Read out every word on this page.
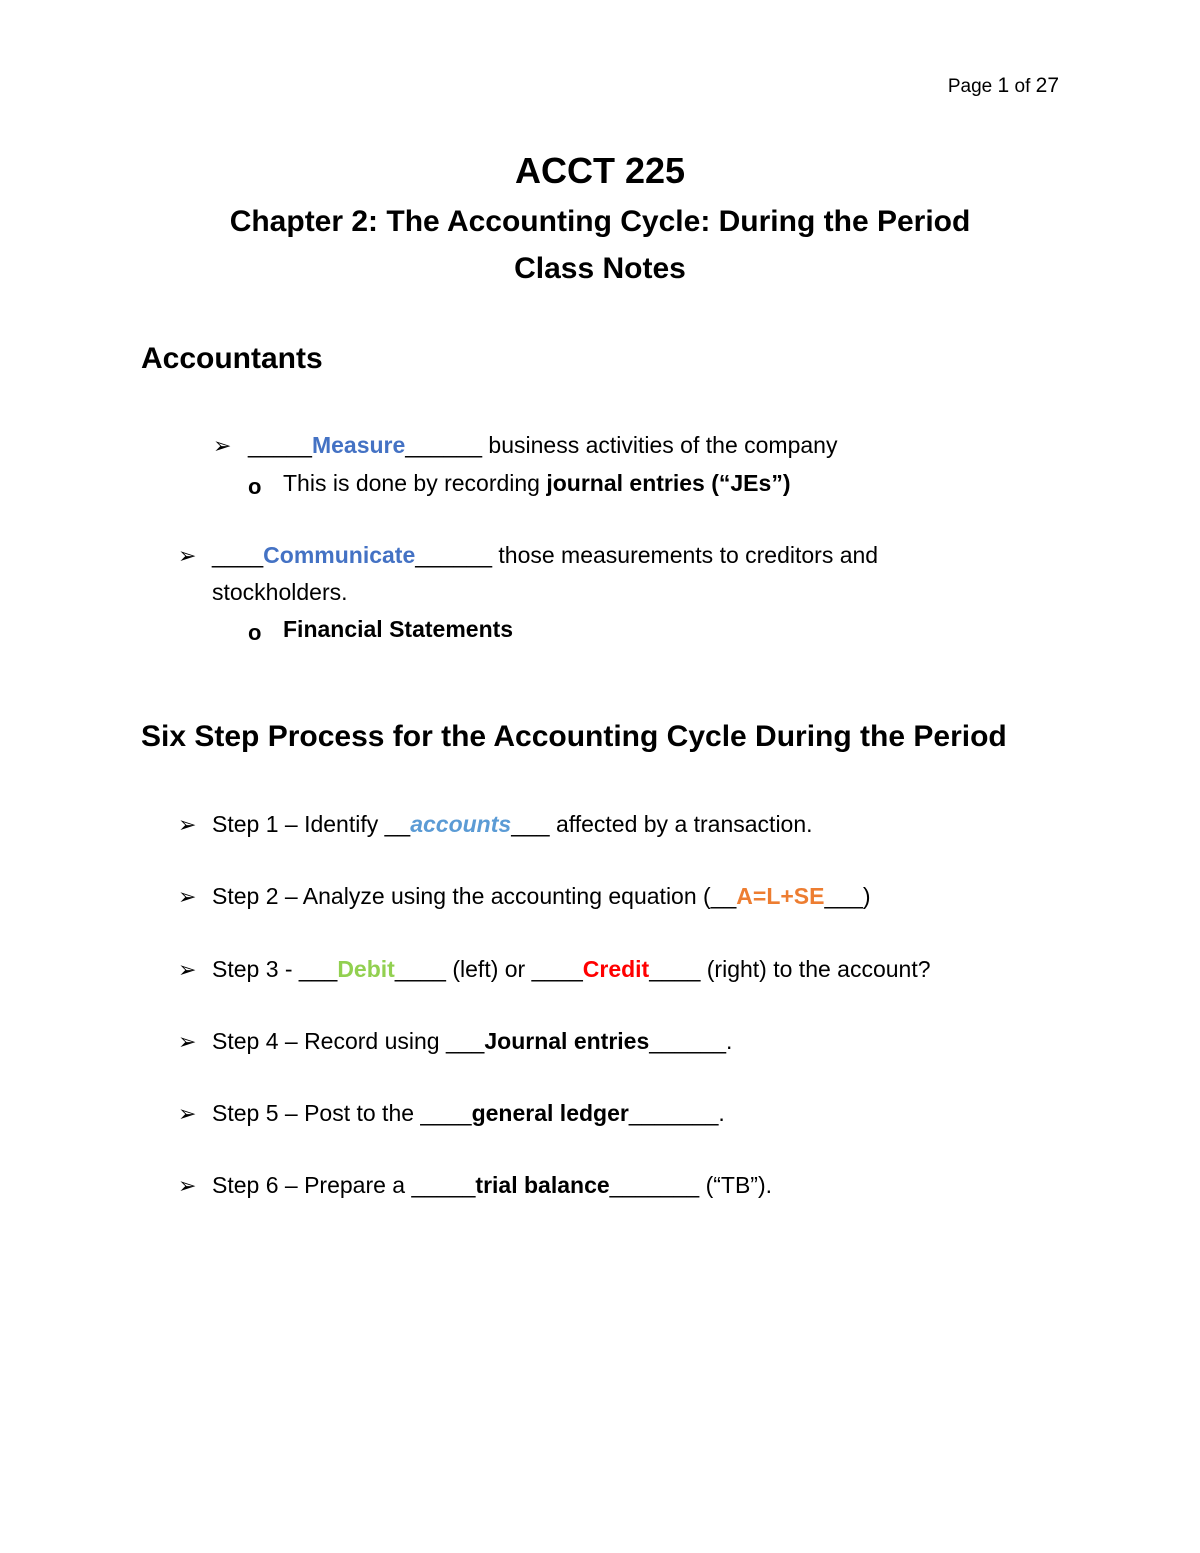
Page 1 of 27
ACCT 225
Chapter 2: The Accounting Cycle: During the Period
Class Notes
Accountants
➢ _____Measure______ business activities of the company
o This is done by recording journal entries (“JEs”)
➢ ____Communicate______ those measurements to creditors and
stockholders.
o Financial Statements
Six Step Process for the Accounting Cycle During the Period
➢ Step 1 – Identify __accounts___ affected by a transaction.
➢ Step 2 – Analyze using the accounting equation (__A=L+SE___)
➢ Step 3 - ___Debit____ (left) or ____Credit____ (right) to the account?
➢ Step 4 – Record using ___Journal entries______.
➢ Step 5 – Post to the ____general ledger_______.
➢ Step 6 – Prepare a _____trial balance_______ (“TB”).
